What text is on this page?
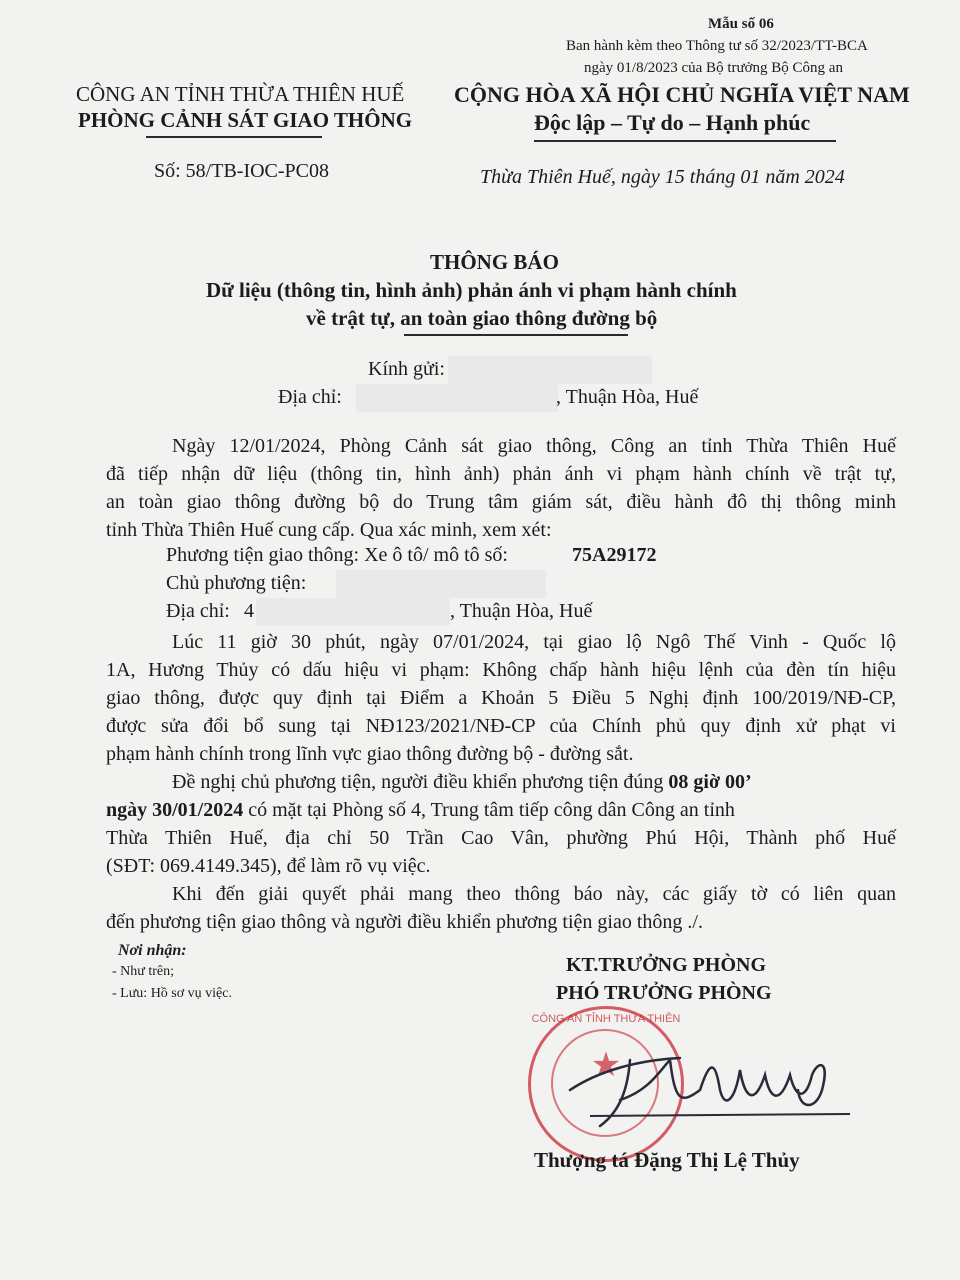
Mẫu số 06
Ban hành kèm theo Thông tư số 32/2023/TT-BCA
ngày 01/8/2023 của Bộ trưởng Bộ Công an
CÔNG AN TỈNH THỪA THIÊN HUẾ
PHÒNG CẢNH SÁT GIAO THÔNG
Số: 58/TB-IOC-PC08
CỘNG HÒA XÃ HỘI CHỦ NGHĨA VIỆT NAM
Độc lập – Tự do – Hạnh phúc
Thừa Thiên Huế, ngày 15 tháng 01 năm 2024
THÔNG BÁO
Dữ liệu (thông tin, hình ảnh) phản ánh vi phạm hành chính
về trật tự, an toàn giao thông đường bộ
Kính gửi:
Địa chỉ:	, Thuận Hòa, Huế
Ngày 12/01/2024, Phòng Cảnh sát giao thông, Công an tỉnh Thừa Thiên Huế
đã tiếp nhận dữ liệu (thông tin, hình ảnh) phản ánh vi phạm hành chính về trật tự,
an toàn giao thông đường bộ do Trung tâm giám sát, điều hành đô thị thông minh
tỉnh Thừa Thiên Huế cung cấp. Qua xác minh, xem xét:
Phương tiện giao thông: Xe ô tô/ mô tô số:	75A29172
Chủ phương tiện:
Địa chỉ: 4	, Thuận Hòa, Huế
Lúc 11 giờ 30 phút, ngày 07/01/2024, tại giao lộ Ngô Thế Vinh - Quốc lộ
1A, Hương Thủy có dấu hiệu vi phạm: Không chấp hành hiệu lệnh của đèn tín hiệu
giao thông, được quy định tại Điểm a Khoản 5 Điều 5 Nghị định 100/2019/NĐ-CP,
được sửa đổi bổ sung tại NĐ123/2021/NĐ-CP của Chính phủ quy định xử phạt vi
phạm hành chính trong lĩnh vực giao thông đường bộ - đường sắt.
Đề nghị chủ phương tiện, người điều khiển phương tiện đúng 08 giờ 00’
ngày 30/01/2024 có mặt tại Phòng số 4, Trung tâm tiếp công dân Công an tỉnh
Thừa Thiên Huế, địa chỉ 50 Trần Cao Vân, phường Phú Hội, Thành phố Huế
(SĐT: 069.4149.345), để làm rõ vụ việc.
Khi đến giải quyết phải mang theo thông báo này, các giấy tờ có liên quan
đến phương tiện giao thông và người điều khiển phương tiện giao thông ./.
Nơi nhận:
- Như trên;
- Lưu: Hồ sơ vụ việc.
KT.TRƯỞNG PHÒNG
PHÓ TRƯỞNG PHÒNG
CÔNG AN TỈNH THỪA THIÊN
★
Thượng tá Đặng Thị Lệ Thủy
